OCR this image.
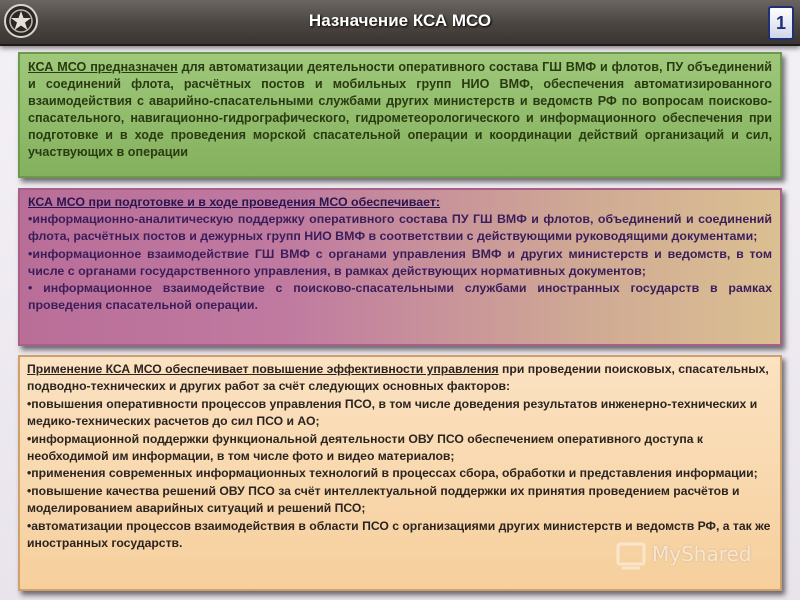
Назначение КСА МСО	1

КСА МСО предназначен для автоматизации деятельности оперативного состава ГШ ВМФ и флотов, ПУ объединений и соединений флота, расчётных постов и мобильных групп НИО ВМФ, обеспечения автоматизированного взаимодействия с аварийно-спасательными службами других министерств и ведомств РФ по вопросам поисково-спасательного, навигационно-гидрографического, гидрометеорологического и информационного обеспечения при подготовке и в ходе проведения морской спасательной операции и координации действий организаций и сил, участвующих в операции

КСА МСО при подготовке и в ходе проведения МСО обеспечивает:

•информационно-аналитическую поддержку оперативного состава ПУ ГШ ВМФ и флотов, объединений и соединений флота, расчётных постов и дежурных групп НИО ВМФ в соответствии с действующими руководящими документами;
•информационное взаимодействие ГШ ВМФ с органами управления ВМФ и других министерств и ведомств, в том числе с органами государственного управления, в рамках действующих нормативных документов;
• информационное взаимодействие с поисково-спасательными службами иностранных государств в рамках проведения спасательной операции.

Применение КСА МСО обеспечивает повышение эффективности управления при проведении поисковых, спасательных, подводно-технических и других работ за счёт следующих основных факторов:

•повышения оперативности процессов управления ПСО, в том числе доведения результатов инженерно-технических и медико-технических расчетов до сил ПСО и АО;
•информационной поддержки функциональной деятельности ОВУ ПСО обеспечением оперативного доступа к необходимой им информации, в том числе фото и видео материалов;
•применения современных информационных технологий в процессах сбора, обработки и представления информации;
•повышение качества решений ОВУ ПСО за счёт интеллектуальной поддержки их принятия проведением расчётов и моделированием аварийных ситуаций и решений ПСО;
•автоматизации процессов взаимодействия в области ПСО с организациями других министерств и ведомств РФ, а так же иностранных государств.	MyShared
